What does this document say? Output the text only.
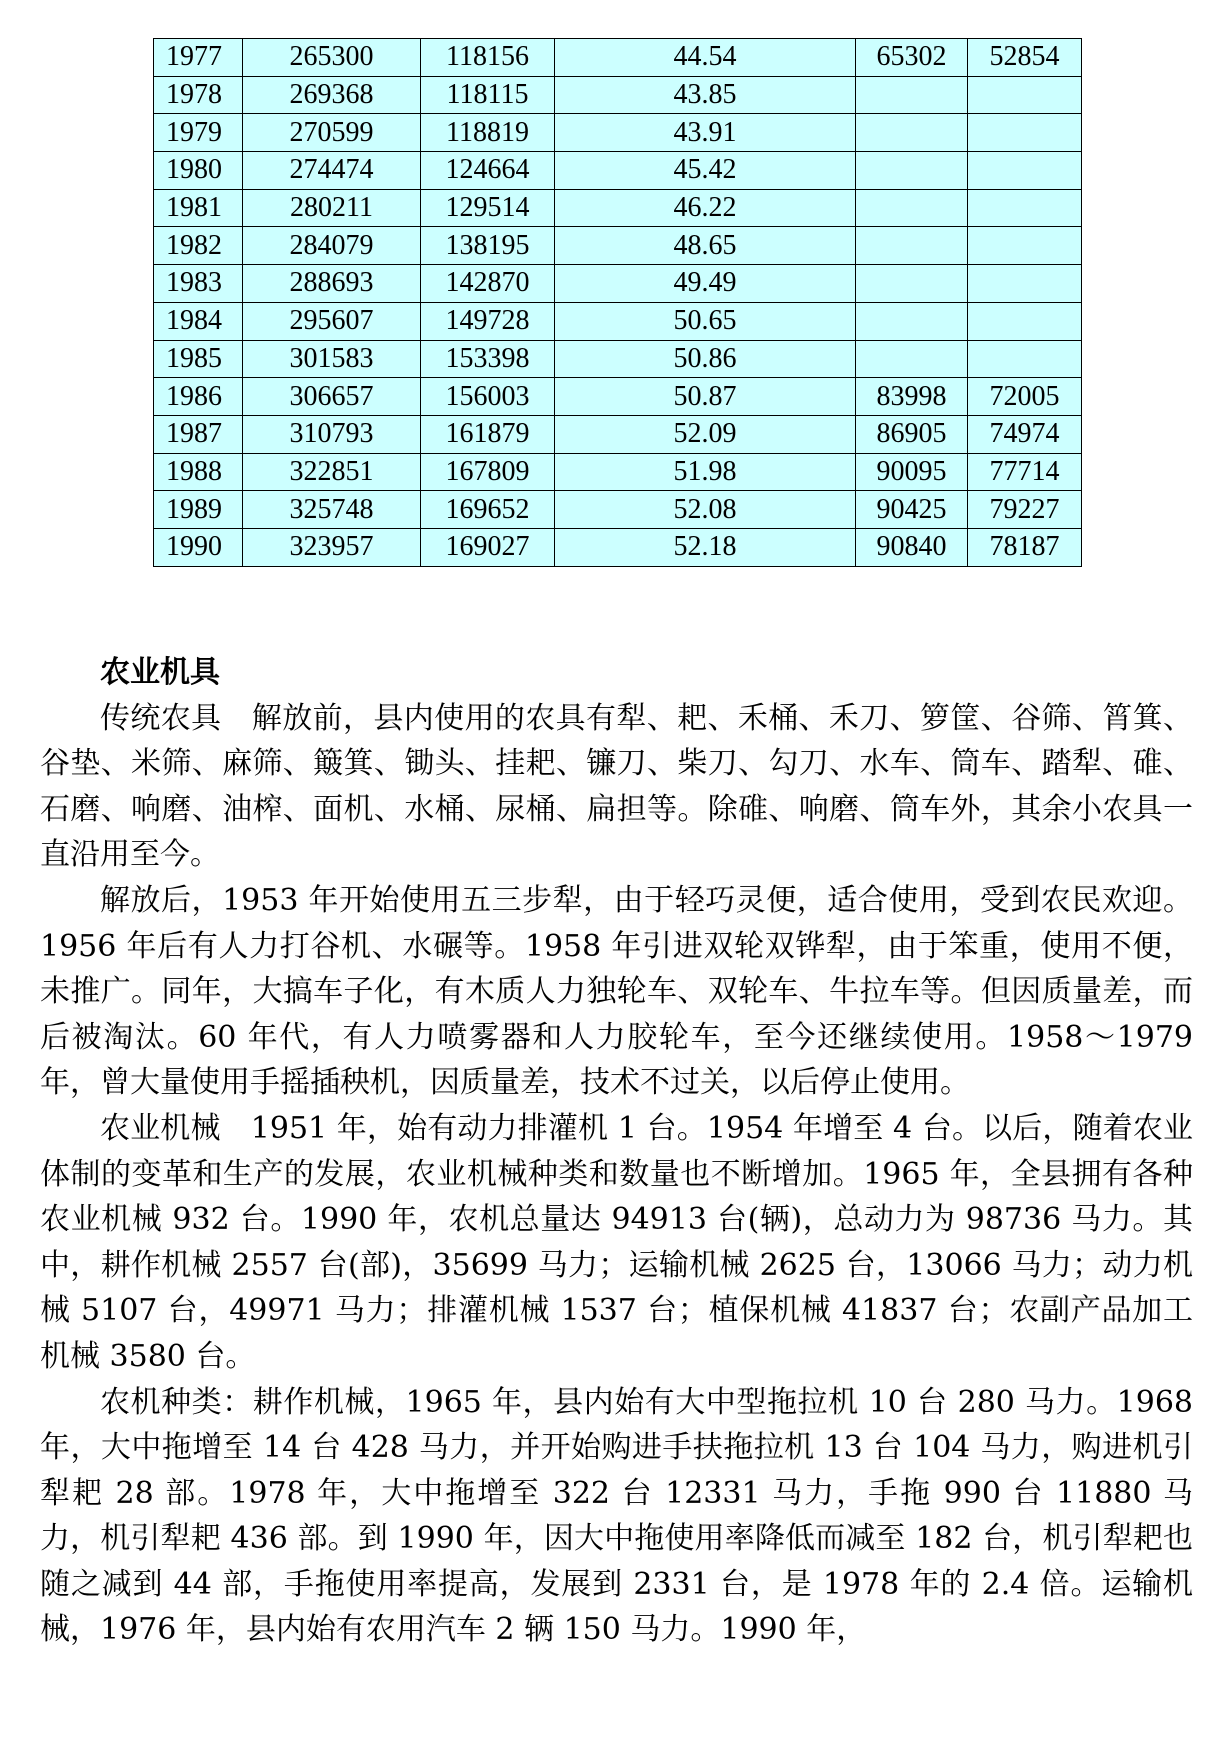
1977	265300	118156	44.54	65302	52854
1978	269368	118115	43.85		
1979	270599	118819	43.91		
1980	274474	124664	45.42		
1981	280211	129514	46.22		
1982	284079	138195	48.65		
1983	288693	142870	49.49		
1984	295607	149728	50.65		
1985	301583	153398	50.86		
1986	306657	156003	50.87	83998	72005
1987	310793	161879	52.09	86905	74974
1988	322851	167809	51.98	90095	77714
1989	325748	169652	52.08	90425	79227
1990	323957	169027	52.18	90840	78187
农业机具

传统农具　 解放前，县内使用的农具有犁、耙、禾桶、禾刀、箩筐、谷筛、筲箕、谷垫、米筛、麻筛、簸箕、锄头、挂耙、镰刀、柴刀、勾刀、水车、筒车、踏犁、碓、石磨、响磨、油榨、面机、水桶、尿桶、扁担等。除碓、响磨、筒车外，其余小农具一直沿用至今。

解放后，1953 年开始使用五三步犁，由于轻巧灵便，适合使用，受到农民欢迎。1956 年后有人力打谷机、水碾等。1958 年引进双轮双铧犁，由于笨重，使用不便，未推广。同年，大搞车子化，有木质人力独轮车、双轮车、牛拉车等。但因质量差，而后被淘汰。60 年代，有人力喷雾器和人力胶轮车，至今还继续使用。1958～1979 年，曾大量使用手摇插秧机，因质量差，技术不过关，以后停止使用。

农业机械　 1951 年，始有动力排灌机 1 台。1954 年增至 4 台。以后，随着农业体制的变革和生产的发展，农业机械种类和数量也不断增加。1965 年，全县拥有各种农业机械 932 台。1990 年，农机总量达 94913 台(辆)，总动力为 98736 马力。其中，耕作机械 2557 台(部)，35699 马力；运输机械 2625 台，13066 马力；动力机械 5107 台，49971 马力；排灌机械 1537 台；植保机械 41837 台；农副产品加工机械 3580 台。

农机种类：耕作机械，1965 年，县内始有大中型拖拉机 10 台 280 马力。1968 年，大中拖增至 14 台 428 马力，并开始购进手扶拖拉机 13 台 104 马力，购进机引犁耙 28 部。1978 年，大中拖增至 322 台 12331 马力，手拖 990 台 11880 马力，机引犁耙 436 部。到 1990 年，因大中拖使用率降低而减至 182 台，机引犁耙也随之减到 44 部，手拖使用率提高，发展到 2331 台，是 1978 年的 2.4 倍。运输机械，1976 年，县内始有农用汽车 2 辆 150 马力。1990 年，
